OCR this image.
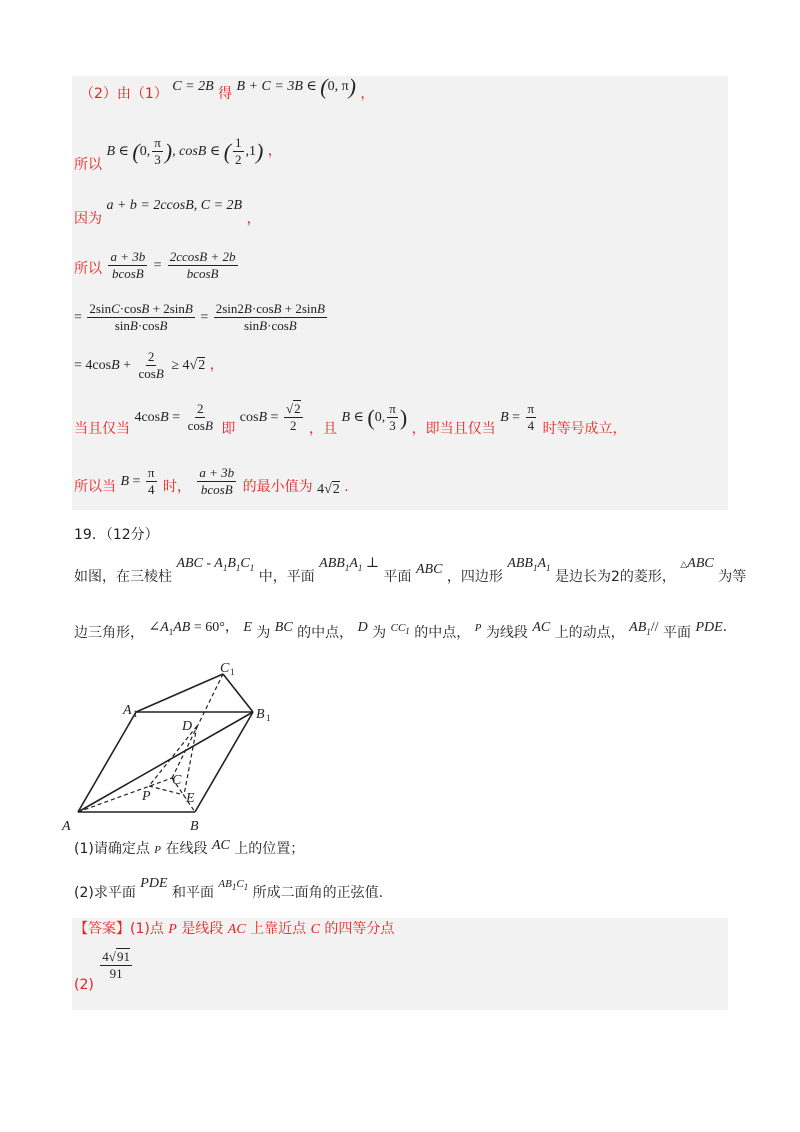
（2）由（1） C = 2B 得 B + C = 3B ∈ (0, π) ，
所以 B ∈ (0, $\frac{\pi}{3}$ ), cosB ∈ ( $\frac{1}{2} ,1$) ，
因为 a + b = 2ccosB, C = 2B ，
所以 $\frac{a + 3b}{bcosB} = \frac{2ccosB + 2b}{bcosB}$
= $\frac{2\sin C\cdot\cos B + 2\sin B}{\sin B\cdot\cos B} = \frac{2\sin 2B\cdot\cos B + 2\sin B}{\sin B\cdot\cos B}$
= $4\cos B + \frac{2}{\cos B} \ge 4√2$ ，
当且仅当 $4\cos B = \frac{2}{\cos B}$ 即 $\cos B = \frac{√2}{2}$ ，且 B ∈ (0, $\frac{\pi}{3}$ ) ，即当且仅当 $B = \frac{\pi}{4}$ 时等号成立，
所以当 $B = \frac{\pi}{4}$ 时， $\frac{a + 3b}{bcosB}$ 的最小值为 4√2 .
19．（12分）
如图，在三棱柱 ABC - $A_1B_1C_1$ 中，平面 $ABB_1A_1$ ⊥ 平面 ABC ，四边形 $ABB_1A_1$ 是边长为2的菱形， △ABC 为等
边三角形， $\angle A_1AB = 60^\circ$， E 为 BC 的中点， D 为 $CC_1$ 的中点， P 为线段 AC 上的动点， $AB_1//$ 平面 PDE.
A	B
C
P	E
D
A 1	B 1
C 1
(1)请确定点 P 在线段 AC 上的位置；
(2)求平面 PDE 和平面 $AB_1C_1$ 所成二面角的正弦值.
【答案】(1)点 P 是线段 AC 上靠近点 C 的四等分点
(2)
$\frac{4√91}{91}$
